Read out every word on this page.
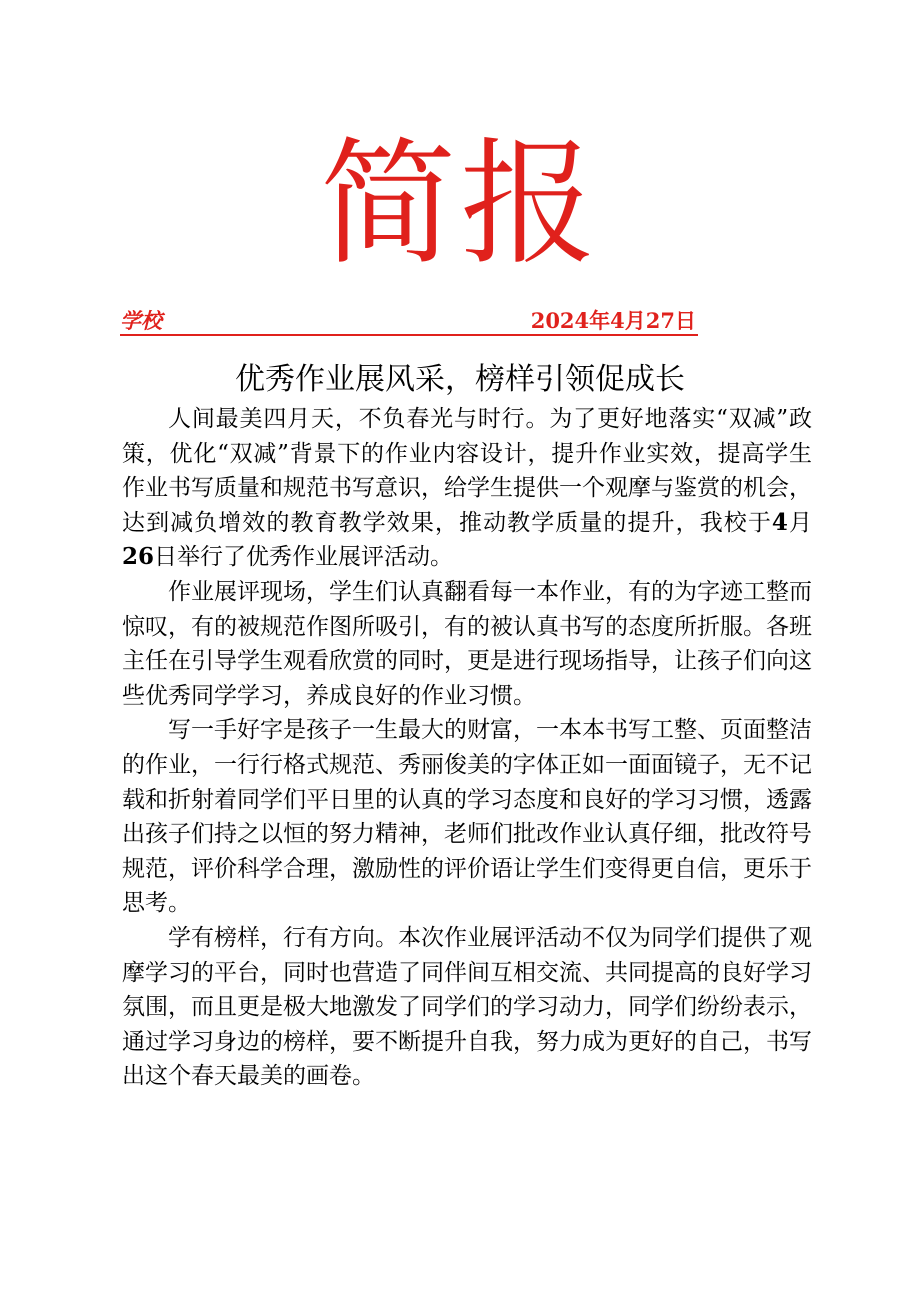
简报
学校	2024年4月27日
优秀作业展风采，榜样引领促成长

人间最美四月天，不负春光与时行。为了更好地落实“双减”政策，优化“双减”背景下的作业内容设计，提升作业实效，提高学生作业书写质量和规范书写意识，给学生提供一个观摩与鉴赏的机会，达到减负增效的教育教学效果，推动教学质量的提升，我校于4月26日举行了优秀作业展评活动。

作业展评现场，学生们认真翻看每一本作业，有的为字迹工整而惊叹，有的被规范作图所吸引，有的被认真书写的态度所折服。各班主任在引导学生观看欣赏的同时，更是进行现场指导，让孩子们向这些优秀同学学习，养成良好的作业习惯。

写一手好字是孩子一生最大的财富，一本本书写工整、页面整洁的作业，一行行格式规范、秀丽俊美的字体正如一面面镜子，无不记载和折射着同学们平日里的认真的学习态度和良好的学习习惯，透露出孩子们持之以恒的努力精神，老师们批改作业认真仔细，批改符号规范，评价科学合理，激励性的评价语让学生们变得更自信，更乐于思考。

学有榜样，行有方向。本次作业展评活动不仅为同学们提供了观摩学习的平台，同时也营造了同伴间互相交流、共同提高的良好学习氛围，而且更是极大地激发了同学们的学习动力，同学们纷纷表示，通过学习身边的榜样，要不断提升自我，努力成为更好的自己，书写出这个春天最美的画卷。
